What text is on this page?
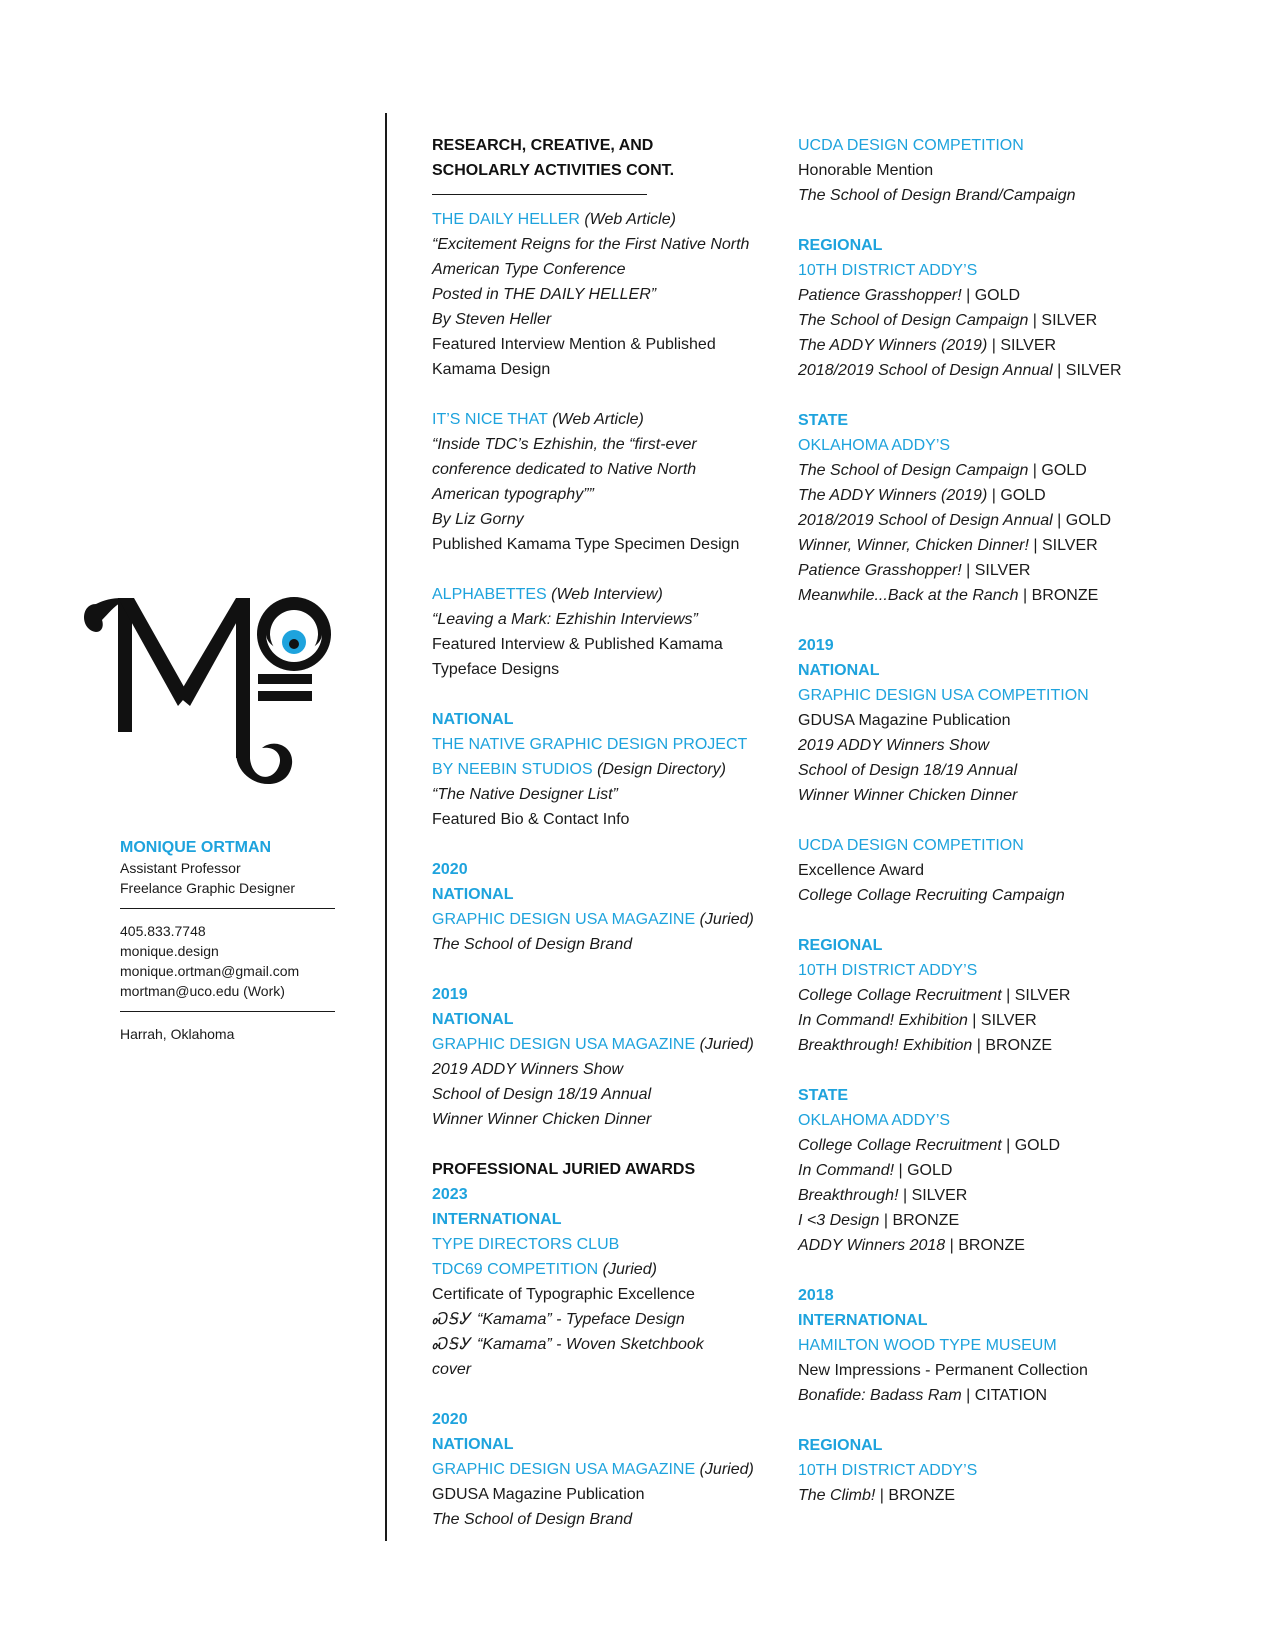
MONIQUE ORTMAN
Assistant Professor
Freelance Graphic Designer
405.833.7748
monique.design
monique.ortman@gmail.com
mortman@uco.edu (Work)
Harrah, Oklahoma
RESEARCH, CREATIVE, AND
SCHOLARLY ACTIVITIES CONT.
THE DAILY HELLER (Web Article)
“Excitement Reigns for the First Native North
American Type Conference
Posted in THE DAILY HELLER”
By Steven Heller
Featured Interview Mention & Published
Kamama Design
IT’S NICE THAT (Web Article)
“Inside TDC’s Ezhishin, the “first-ever
conference dedicated to Native North
American typography””
By Liz Gorny
Published Kamama Type Specimen Design
ALPHABETTES (Web Interview)
“Leaving a Mark: Ezhishin Interviews”
Featured Interview & Published Kamama
Typeface Designs
NATIONAL
THE NATIVE GRAPHIC DESIGN PROJECT
BY NEEBIN STUDIOS (Design Directory)
“The Native Designer List”
Featured Bio & Contact Info
2020
NATIONAL
GRAPHIC DESIGN USA MAGAZINE (Juried)
The School of Design Brand
2019
NATIONAL
GRAPHIC DESIGN USA MAGAZINE (Juried)
2019 ADDY Winners Show
School of Design 18/19 Annual
Winner Winner Chicken Dinner
PROFESSIONAL JURIED AWARDS
2023
INTERNATIONAL
TYPE DIRECTORS CLUB
TDC69 COMPETITION (Juried)
Certificate of Typographic Excellence
ᏍᎦᎩ “Kamama” - Typeface Design
ᏍᎦᎩ “Kamama” - Woven Sketchbook
cover
2020
NATIONAL
GRAPHIC DESIGN USA MAGAZINE (Juried)
GDUSA Magazine Publication
The School of Design Brand
UCDA DESIGN COMPETITION
Honorable Mention
The School of Design Brand/Campaign
REGIONAL
10TH DISTRICT ADDY’S
Patience Grasshopper! | GOLD
The School of Design Campaign | SILVER
The ADDY Winners (2019) | SILVER
2018/2019 School of Design Annual | SILVER
STATE
OKLAHOMA ADDY’S
The School of Design Campaign | GOLD
The ADDY Winners (2019) | GOLD
2018/2019 School of Design Annual | GOLD
Winner, Winner, Chicken Dinner! | SILVER
Patience Grasshopper! | SILVER
Meanwhile...Back at the Ranch | BRONZE
2019
NATIONAL
GRAPHIC DESIGN USA COMPETITION
GDUSA Magazine Publication
2019 ADDY Winners Show
School of Design 18/19 Annual
Winner Winner Chicken Dinner
UCDA DESIGN COMPETITION
Excellence Award
College Collage Recruiting Campaign
REGIONAL
10TH DISTRICT ADDY’S
College Collage Recruitment | SILVER
In Command! Exhibition | SILVER
Breakthrough! Exhibition | BRONZE
STATE
OKLAHOMA ADDY’S
College Collage Recruitment | GOLD
In Command! | GOLD
Breakthrough! | SILVER
I <3 Design | BRONZE
ADDY Winners 2018 | BRONZE
2018
INTERNATIONAL
HAMILTON WOOD TYPE MUSEUM
New Impressions - Permanent Collection
Bonafide: Badass Ram | CITATION
REGIONAL
10TH DISTRICT ADDY’S
The Climb! | BRONZE
